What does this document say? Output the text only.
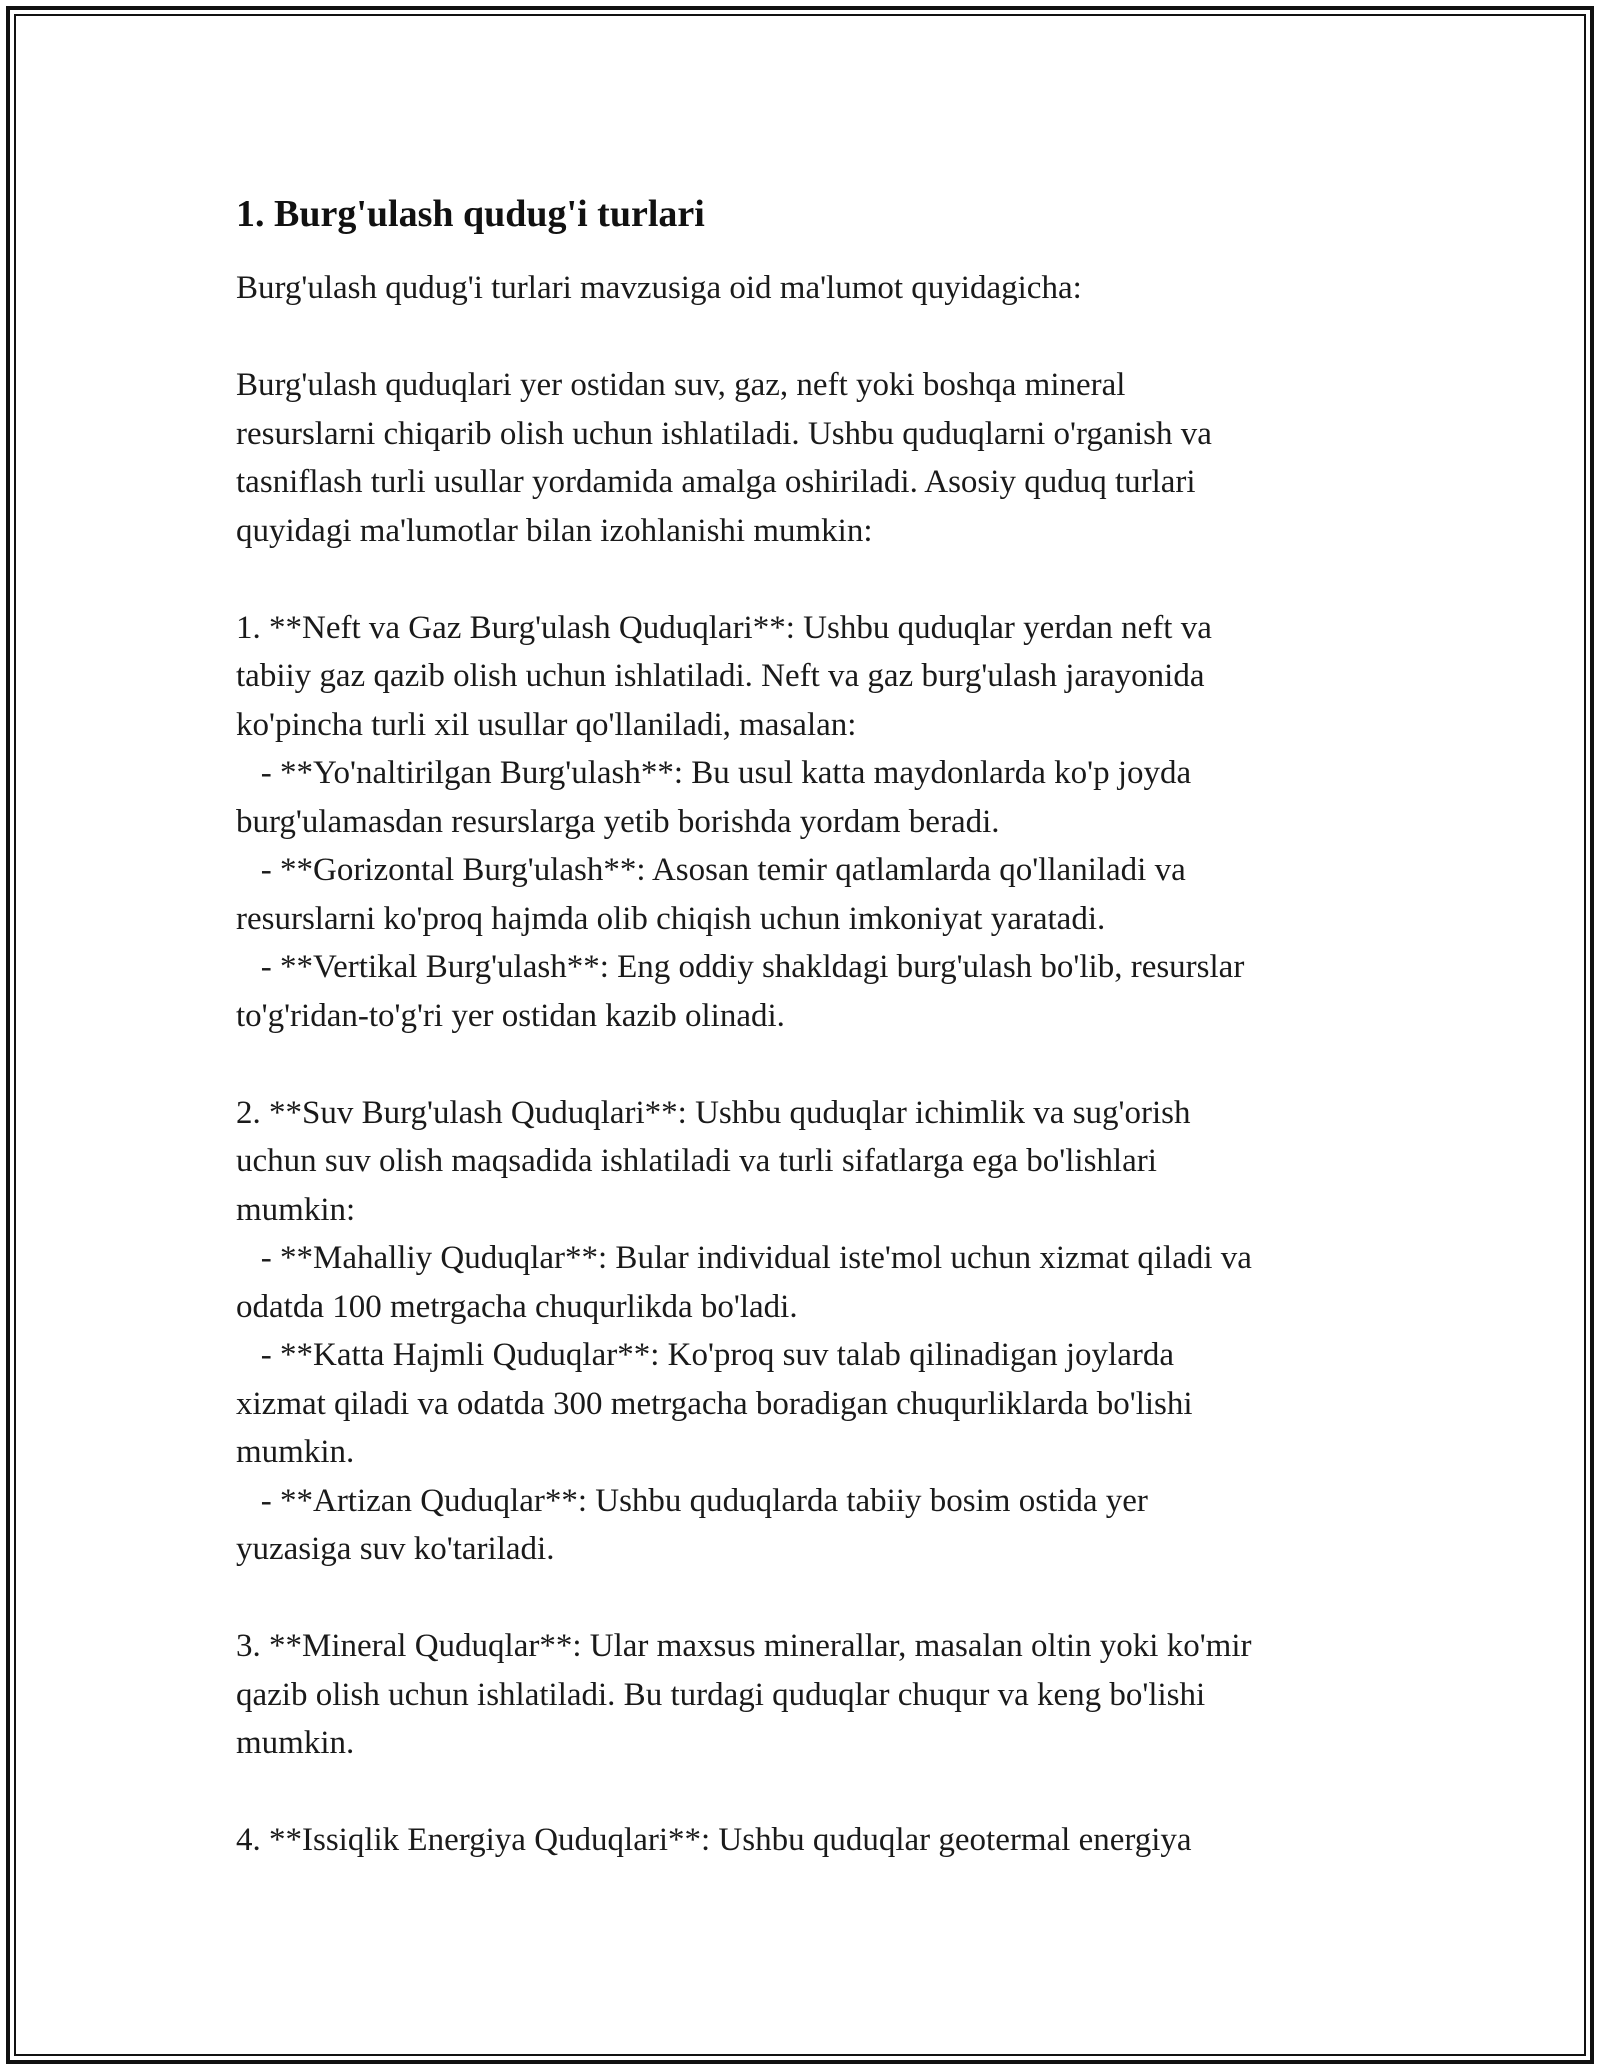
1. Burg'ulash qudug'i turlari
Burg'ulash qudug'i turlari mavzusiga oid ma'lumot quyidagicha:
Burg'ulash quduqlari yer ostidan suv, gaz, neft yoki boshqa mineral
resurslarni chiqarib olish uchun ishlatiladi. Ushbu quduqlarni o'rganish va
tasniflash turli usullar yordamida amalga oshiriladi. Asosiy quduq turlari
quyidagi ma'lumotlar bilan izohlanishi mumkin:
1. **Neft va Gaz Burg'ulash Quduqlari**: Ushbu quduqlar yerdan neft va
tabiiy gaz qazib olish uchun ishlatiladi. Neft va gaz burg'ulash jarayonida
ko'pincha turli xil usullar qo'llaniladi, masalan:
- **Yo'naltirilgan Burg'ulash**: Bu usul katta maydonlarda ko'p joyda
burg'ulamasdan resurslarga yetib borishda yordam beradi.
- **Gorizontal Burg'ulash**: Asosan temir qatlamlarda qo'llaniladi va
resurslarni ko'proq hajmda olib chiqish uchun imkoniyat yaratadi.
- **Vertikal Burg'ulash**: Eng oddiy shakldagi burg'ulash bo'lib, resurslar
to'g'ridan-to'g'ri yer ostidan kazib olinadi.
2. **Suv Burg'ulash Quduqlari**: Ushbu quduqlar ichimlik va sug'orish
uchun suv olish maqsadida ishlatiladi va turli sifatlarga ega bo'lishlari
mumkin:
- **Mahalliy Quduqlar**: Bular individual iste'mol uchun xizmat qiladi va
odatda 100 metrgacha chuqurlikda bo'ladi.
- **Katta Hajmli Quduqlar**: Ko'proq suv talab qilinadigan joylarda
xizmat qiladi va odatda 300 metrgacha boradigan chuqurliklarda bo'lishi
mumkin.
- **Artizan Quduqlar**: Ushbu quduqlarda tabiiy bosim ostida yer
yuzasiga suv ko'tariladi.
3. **Mineral Quduqlar**: Ular maxsus minerallar, masalan oltin yoki ko'mir
qazib olish uchun ishlatiladi. Bu turdagi quduqlar chuqur va keng bo'lishi
mumkin.
4. **Issiqlik Energiya Quduqlari**: Ushbu quduqlar geotermal energiya
